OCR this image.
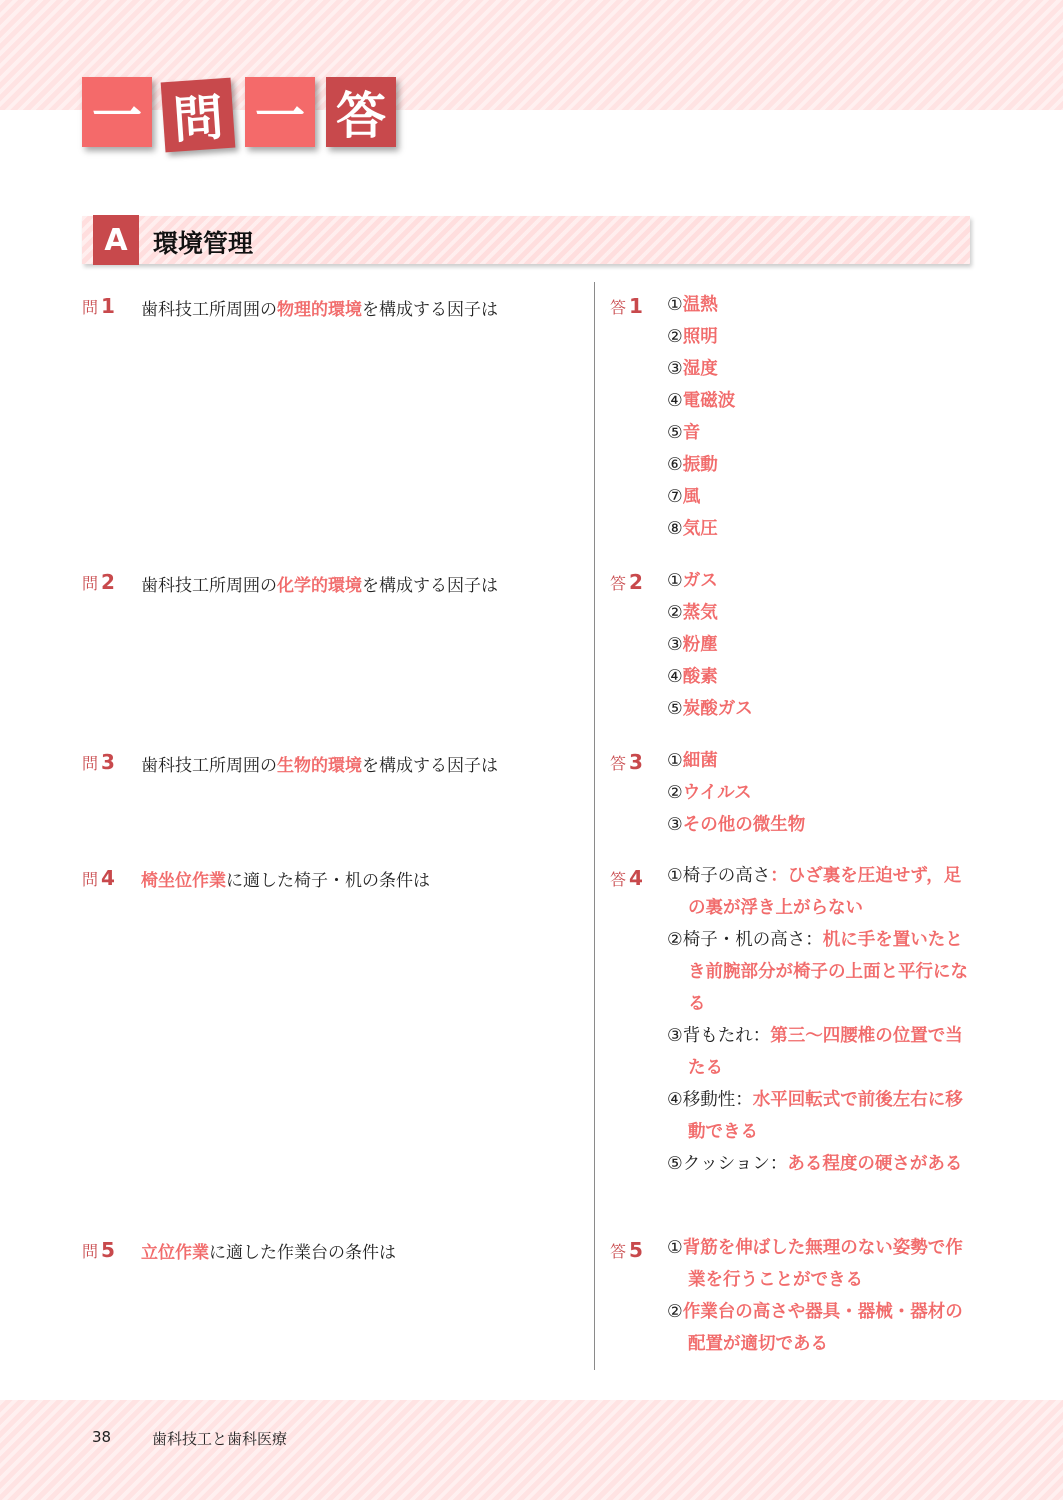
一 問 一 答
A	環境管理
問 1 歯科技工所周囲の物理的環境を構成する因子は	答 1 ①温熱
②照明
③湿度
④電磁波
⑤音
⑥振動
⑦風
⑧気圧
問 2 歯科技工所周囲の化学的環境を構成する因子は	答 2 ①ガス
②蒸気
③粉塵
④酸素
⑤炭酸ガス
問 3 歯科技工所周囲の生物的環境を構成する因子は	答 3 ①細菌
②ウイルス
③その他の微生物
問 4 椅坐位作業に適した椅子・机の条件は	答 4 ①椅子の高さ：ひざ裏を圧迫せず，足の裏が浮き上がらない
②椅子・机の高さ：机に手を置いたとき前腕部分が椅子の上面と平行になる
③背もたれ：第三～四腰椎の位置で当たる
④移動性：水平回転式で前後左右に移動できる
⑤クッション：ある程度の硬さがある
問 5 立位作業に適した作業台の条件は	答 5 ①背筋を伸ばした無理のない姿勢で作業を行うことができる
②作業台の高さや器具・器械・器材の配置が適切である
38	歯科技工と歯科医療
